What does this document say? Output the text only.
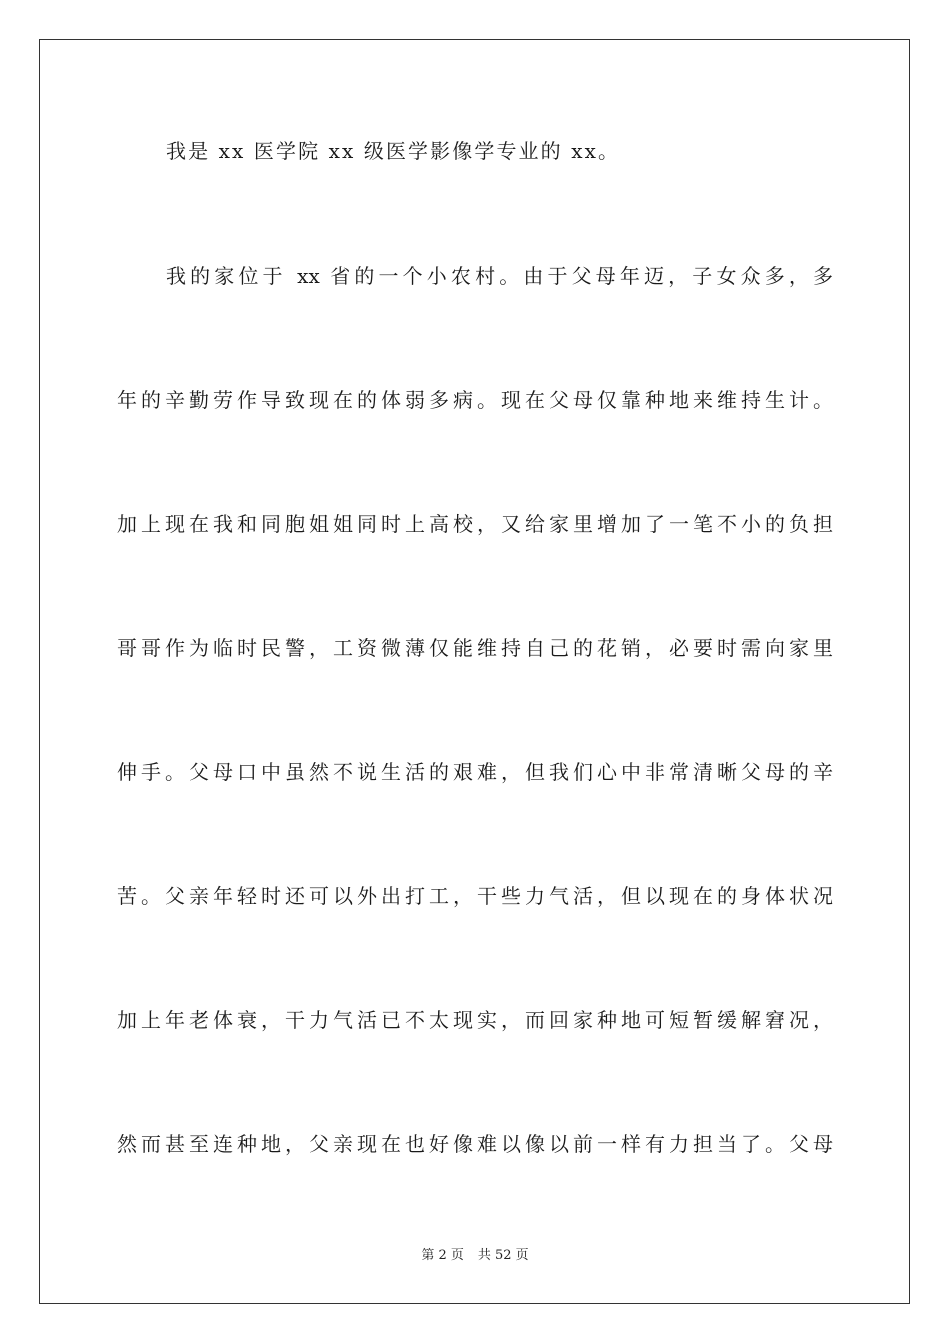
我是 xx 医学院 xx 级医学影像学专业的 xx。
我的家位于 xx 省的一个小农村。由于父母年迈，子女众多，多
年的辛勤劳作导致现在的体弱多病。现在父母仅靠种地来维持生计。
加上现在我和同胞姐姐同时上高校，又给家里增加了一笔不小的负担
哥哥作为临时民警，工资微薄仅能维持自己的花销，必要时需向家里
伸手。父母口中虽然不说生活的艰难，但我们心中非常清晰父母的辛
苦。父亲年轻时还可以外出打工，干些力气活，但以现在的身体状况
加上年老体衰，干力气活已不太现实，而回家种地可短暂缓解窘况，
然而甚至连种地，父亲现在也好像难以像以前一样有力担当了。父母
第 2 页 共 52 页
